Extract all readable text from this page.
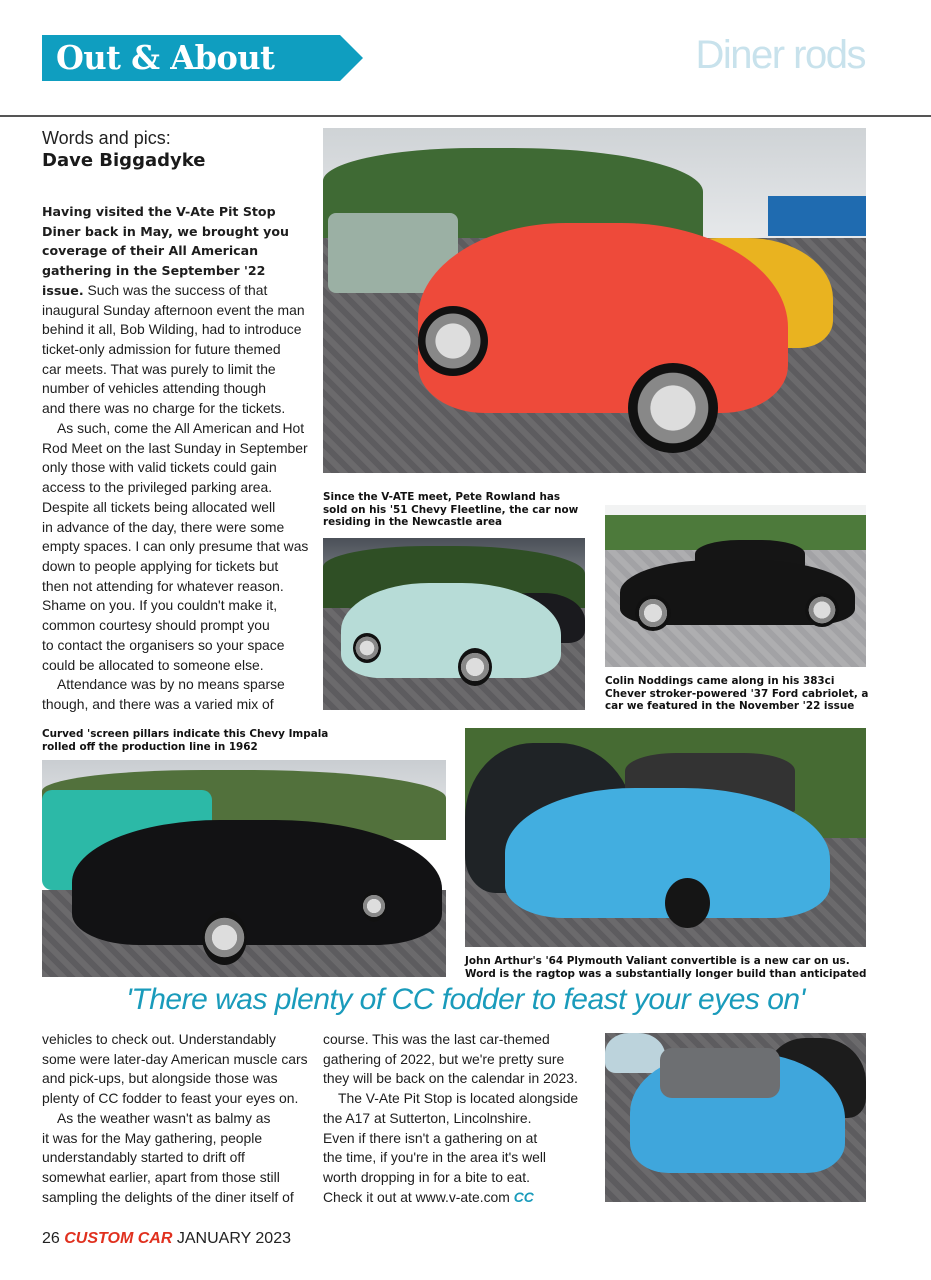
Out & About	Diner rods
Words and pics:
Dave Biggadyke
Having visited the V-Ate Pit Stop
Diner back in May, we brought you
coverage of their All American
gathering in the September '22
issue. Such was the success of that
inaugural Sunday afternoon event the man
behind it all, Bob Wilding, had to introduce
ticket-only admission for future themed
car meets. That was purely to limit the
number of vehicles attending though
and there was no charge for the tickets.
As such, come the All American and Hot
Rod Meet on the last Sunday in September
only those with valid tickets could gain
access to the privileged parking area.
Despite all tickets being allocated well
in advance of the day, there were some
empty spaces. I can only presume that was
down to people applying for tickets but
then not attending for whatever reason.
Shame on you. If you couldn't make it,
common courtesy should prompt you
to contact the organisers so your space
could be allocated to someone else.
Attendance was by no means sparse
though, and there was a varied mix of
Since the V-ATE meet, Pete Rowland has
sold on his '51 Chevy Fleetline, the car now
residing in the Newcastle area
Colin Noddings came along in his 383ci
Chever stroker-powered '37 Ford cabriolet, a
car we featured in the November '22 issue
Curved 'screen pillars indicate this Chevy Impala
rolled off the production line in 1962
John Arthur's '64 Plymouth Valiant convertible is a new car on us.
Word is the ragtop was a substantially longer build than anticipated
'There was plenty of CC fodder to feast your eyes on'
vehicles to check out. Understandably
some were later-day American muscle cars
and pick-ups, but alongside those was
plenty of CC fodder to feast your eyes on.
As the weather wasn't as balmy as
it was for the May gathering, people
understandably started to drift off
somewhat earlier, apart from those still
sampling the delights of the diner itself of
course. This was the last car-themed
gathering of 2022, but we're pretty sure
they will be back on the calendar in 2023.
The V-Ate Pit Stop is located alongside
the A17 at Sutterton, Lincolnshire.
Even if there isn't a gathering on at
the time, if you're in the area it's well
worth dropping in for a bite to eat.
Check it out at www.v-ate.com CC
26 CUSTOM CAR JANUARY 2023
